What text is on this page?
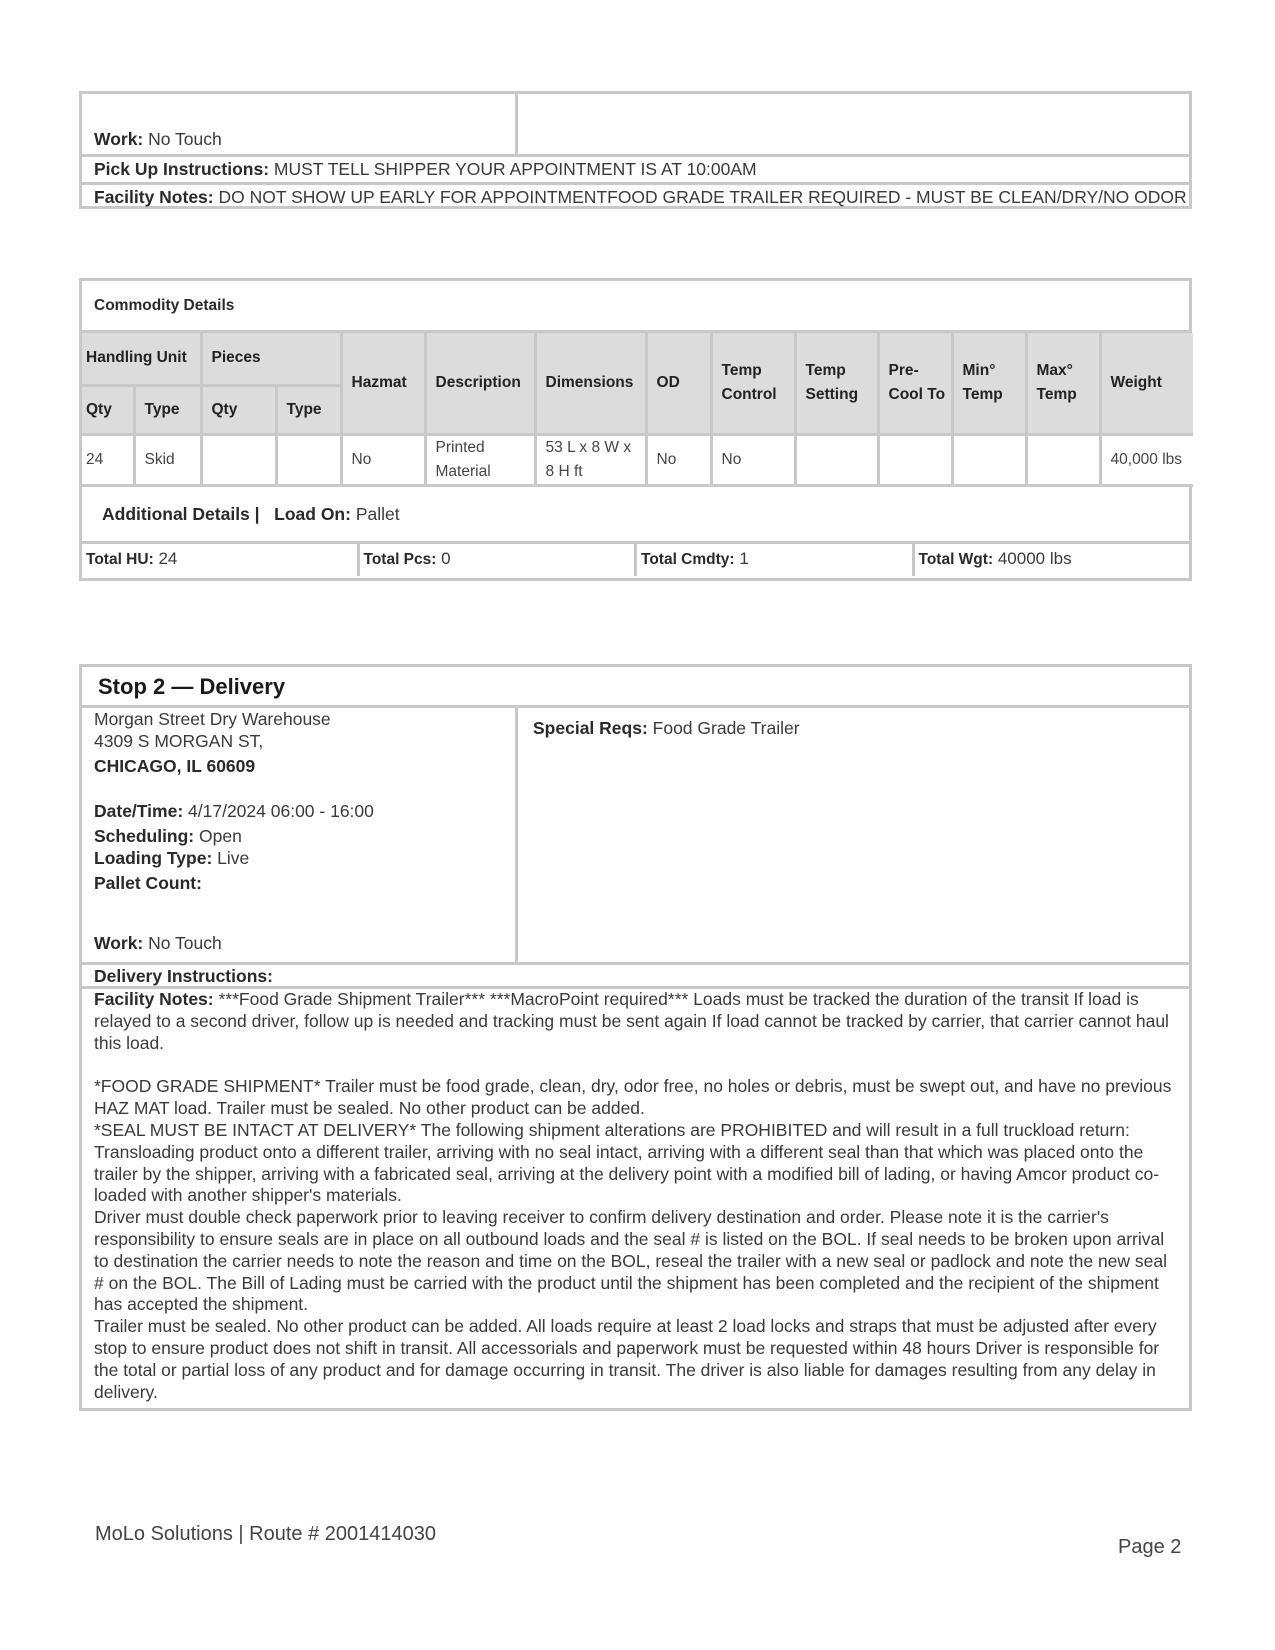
Work: No Touch
Pick Up Instructions: MUST TELL SHIPPER YOUR APPOINTMENT IS AT 10:00AM
Facility Notes: DO NOT SHOW UP EARLY FOR APPOINTMENTFOOD GRADE TRAILER REQUIRED - MUST BE CLEAN/DRY/NO ODOR
Commodity Details
Handling Unit		Pieces		Hazmat	Description	Dimensions	OD	Temp Control	Temp Setting	Pre-Cool To	Min° Temp	Max° Temp	Weight
Qty	Type	Qty	Type										
24	Skid			No	Printed Material	53 L x 8 W x 8 H ft	No	No					40,000 lbs
Additional Details | Load On: Pallet
Total HU: 24	Total Pcs: 0	Total Cmdty: 1	Total Wgt: 40000 lbs
Stop 2 — Delivery
Morgan Street Dry Warehouse
4309 S MORGAN ST,
CHICAGO, IL 60609
Date/Time: 4/17/2024 06:00 - 16:00
Scheduling: Open
Loading Type: Live
Pallet Count:
Work: No Touch
Special Reqs: Food Grade Trailer
Delivery Instructions:

Facility Notes: ***Food Grade Shipment Trailer*** ***MacroPoint required*** Loads must be tracked the duration of the transit If load is relayed to a second driver, follow up is needed and tracking must be sent again If load cannot be tracked by carrier, that carrier cannot haul this load.

*FOOD GRADE SHIPMENT* Trailer must be food grade, clean, dry, odor free, no holes or debris, must be swept out, and have no previous HAZ MAT load. Trailer must be sealed. No other product can be added.

*SEAL MUST BE INTACT AT DELIVERY* The following shipment alterations are PROHIBITED and will result in a full truckload return: Transloading product onto a different trailer, arriving with no seal intact, arriving with a different seal than that which was placed onto the trailer by the shipper, arriving with a fabricated seal, arriving at the delivery point with a modified bill of lading, or having Amcor product co-loaded with another shipper's materials.

Driver must double check paperwork prior to leaving receiver to confirm delivery destination and order. Please note it is the carrier's responsibility to ensure seals are in place on all outbound loads and the seal # is listed on the BOL. If seal needs to be broken upon arrival to destination the carrier needs to note the reason and time on the BOL, reseal the trailer with a new seal or padlock and note the new seal # on the BOL. The Bill of Lading must be carried with the product until the shipment has been completed and the recipient of the shipment has accepted the shipment.

Trailer must be sealed. No other product can be added. All loads require at least 2 load locks and straps that must be adjusted after every stop to ensure product does not shift in transit. All accessorials and paperwork must be requested within 48 hours Driver is responsible for the total or partial loss of any product and for damage occurring in transit. The driver is also liable for damages resulting from any delay in delivery.

MoLo Solutions | Route # 2001414030
Page 2
